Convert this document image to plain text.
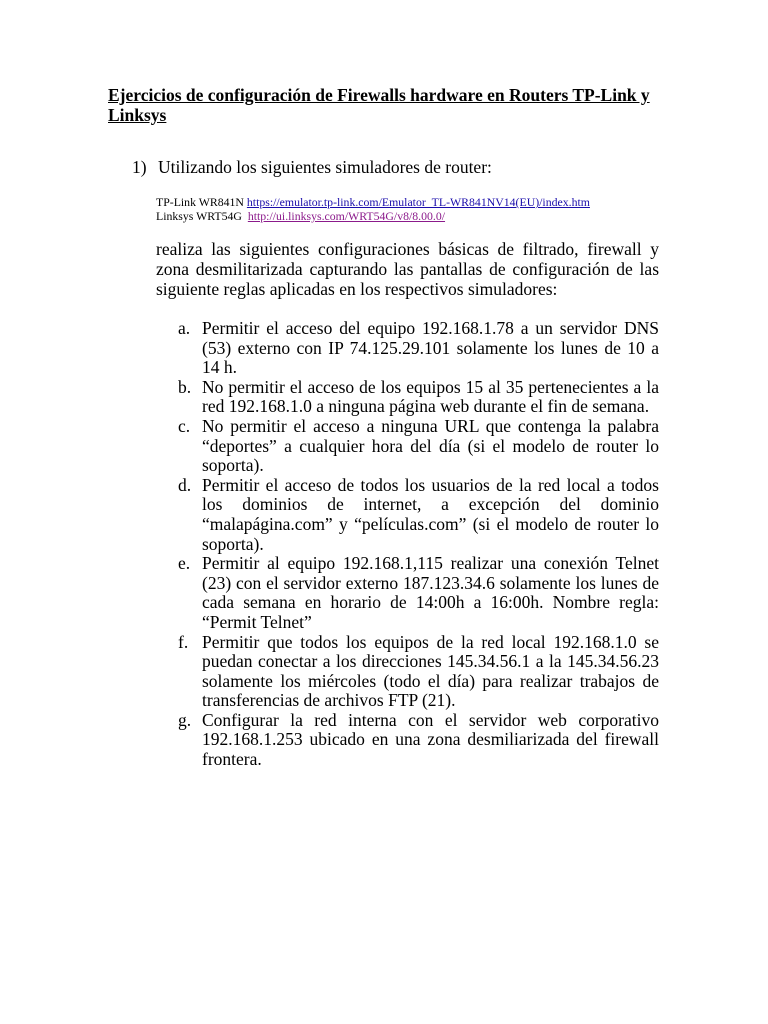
Ejercicios de configuración de Firewalls hardware en Routers TP-Link y Linksys
1) Utilizando los siguientes simuladores de router:
TP-Link WR841N https://emulator.tp-link.com/Emulator_TL-WR841NV14(EU)/index.htm
Linksys WRT54G http://ui.linksys.com/WRT54G/v8/8.00.0/
realiza las siguientes configuraciones básicas de filtrado, firewall y zona desmilitarizada capturando las pantallas de configuración de las siguiente reglas aplicadas en los respectivos simuladores:
a. Permitir el acceso del equipo 192.168.1.78 a un servidor DNS (53) externo con IP 74.125.29.101 solamente los lunes de 10 a 14 h.
b. No permitir el acceso de los equipos 15 al 35 pertenecientes a la red 192.168.1.0 a ninguna página web durante el fin de semana.
c. No permitir el acceso a ninguna URL que contenga la palabra “deportes” a cualquier hora del día (si el modelo de router lo soporta).
d. Permitir el acceso de todos los usuarios de la red local a todos los dominios de internet, a excepción del dominio “malapágina.com” y “películas.com” (si el modelo de router lo soporta).
e. Permitir al equipo 192.168.1,115 realizar una conexión Telnet (23) con el servidor externo 187.123.34.6 solamente los lunes de cada semana en horario de 14:00h a 16:00h. Nombre regla: “Permit Telnet”
f. Permitir que todos los equipos de la red local 192.168.1.0 se puedan conectar a los direcciones 145.34.56.1 a la 145.34.56.23 solamente los miércoles (todo el día) para realizar trabajos de transferencias de archivos FTP (21).
g. Configurar la red interna con el servidor web corporativo 192.168.1.253 ubicado en una zona desmiliarizada del firewall frontera.
